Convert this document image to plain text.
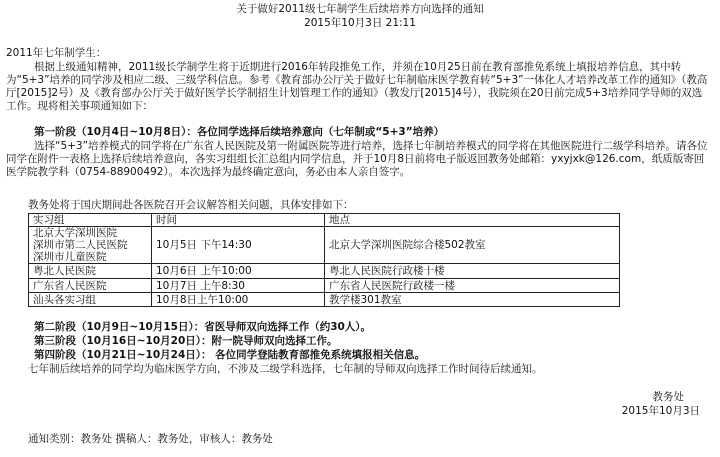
关于做好2011级七年制学生后续培养方向选择的通知
2015年10月3日 21:11
2011年七年制学生：
根据上级通知精神，2011级长学制学生将于近期进行2016年转段推免工作，并须在10月25日前在教育部推免系统上填报培养信息，其中转为“5+3”培养的同学涉及相应二级、三级学科信息。参考《教育部办公厅关于做好七年制临床医学教育转“5+3”一体化人才培养改革工作的通知》（教高厅[2015]2号）及《教育部办公厅关于做好医学长学制招生计划管理工作的通知》（教发厅[2015]4号），我院须在20日前完成5+3培养同学导师的双选工作。现将相关事项通知如下：
第一阶段（10月4日~10月8日）：各位同学选择后续培养意向（七年制或“5+3”培养）
选择“5+3”培养模式的同学将在广东省人民医院及第一附属医院等进行培养，选择七年制培养模式的同学将在其他医院进行二级学科培养。请各位同学在附件一表格上选择后续培养意向，各实习组组长汇总组内同学信息，并于10月8日前将电子版返回教务处邮箱：yxyjxk@126.com，纸质版寄回医学院教学科（0754-88900492）。本次选择为最终确定意向，务必由本人亲自签字。
教务处将于国庆期间赴各医院召开会议解答相关问题，具体安排如下：
实习组	时间	地点

北京大学深圳医院
深圳市第二人民医院
深圳市儿童医院	10月5日 下午14:30	北京大学深圳医院综合楼502教室
粤北人民医院	10月6日 上午10:00	粤北人民医院行政楼十楼
广东省人民医院	10月7日 上午8:30	广东省人民医院行政楼一楼
汕头各实习组	10月8日上午10:00	教学楼301教室
第二阶段（10月9日~10月15日）：省医导师双向选择工作（约30人）。
第三阶段（10月16日~10月20日）：附一院导师双向选择工作。
第四阶段（10月21日~10月24日）： 各位同学登陆教育部推免系统填报相关信息。
七年制后续培养的同学均为临床医学方向，不涉及二级学科选择，七年制的导师双向选择工作时间待后续通知。
教务处
2015年10月3日
通知类别：教务处 撰稿人：教务处，审核人：教务处
